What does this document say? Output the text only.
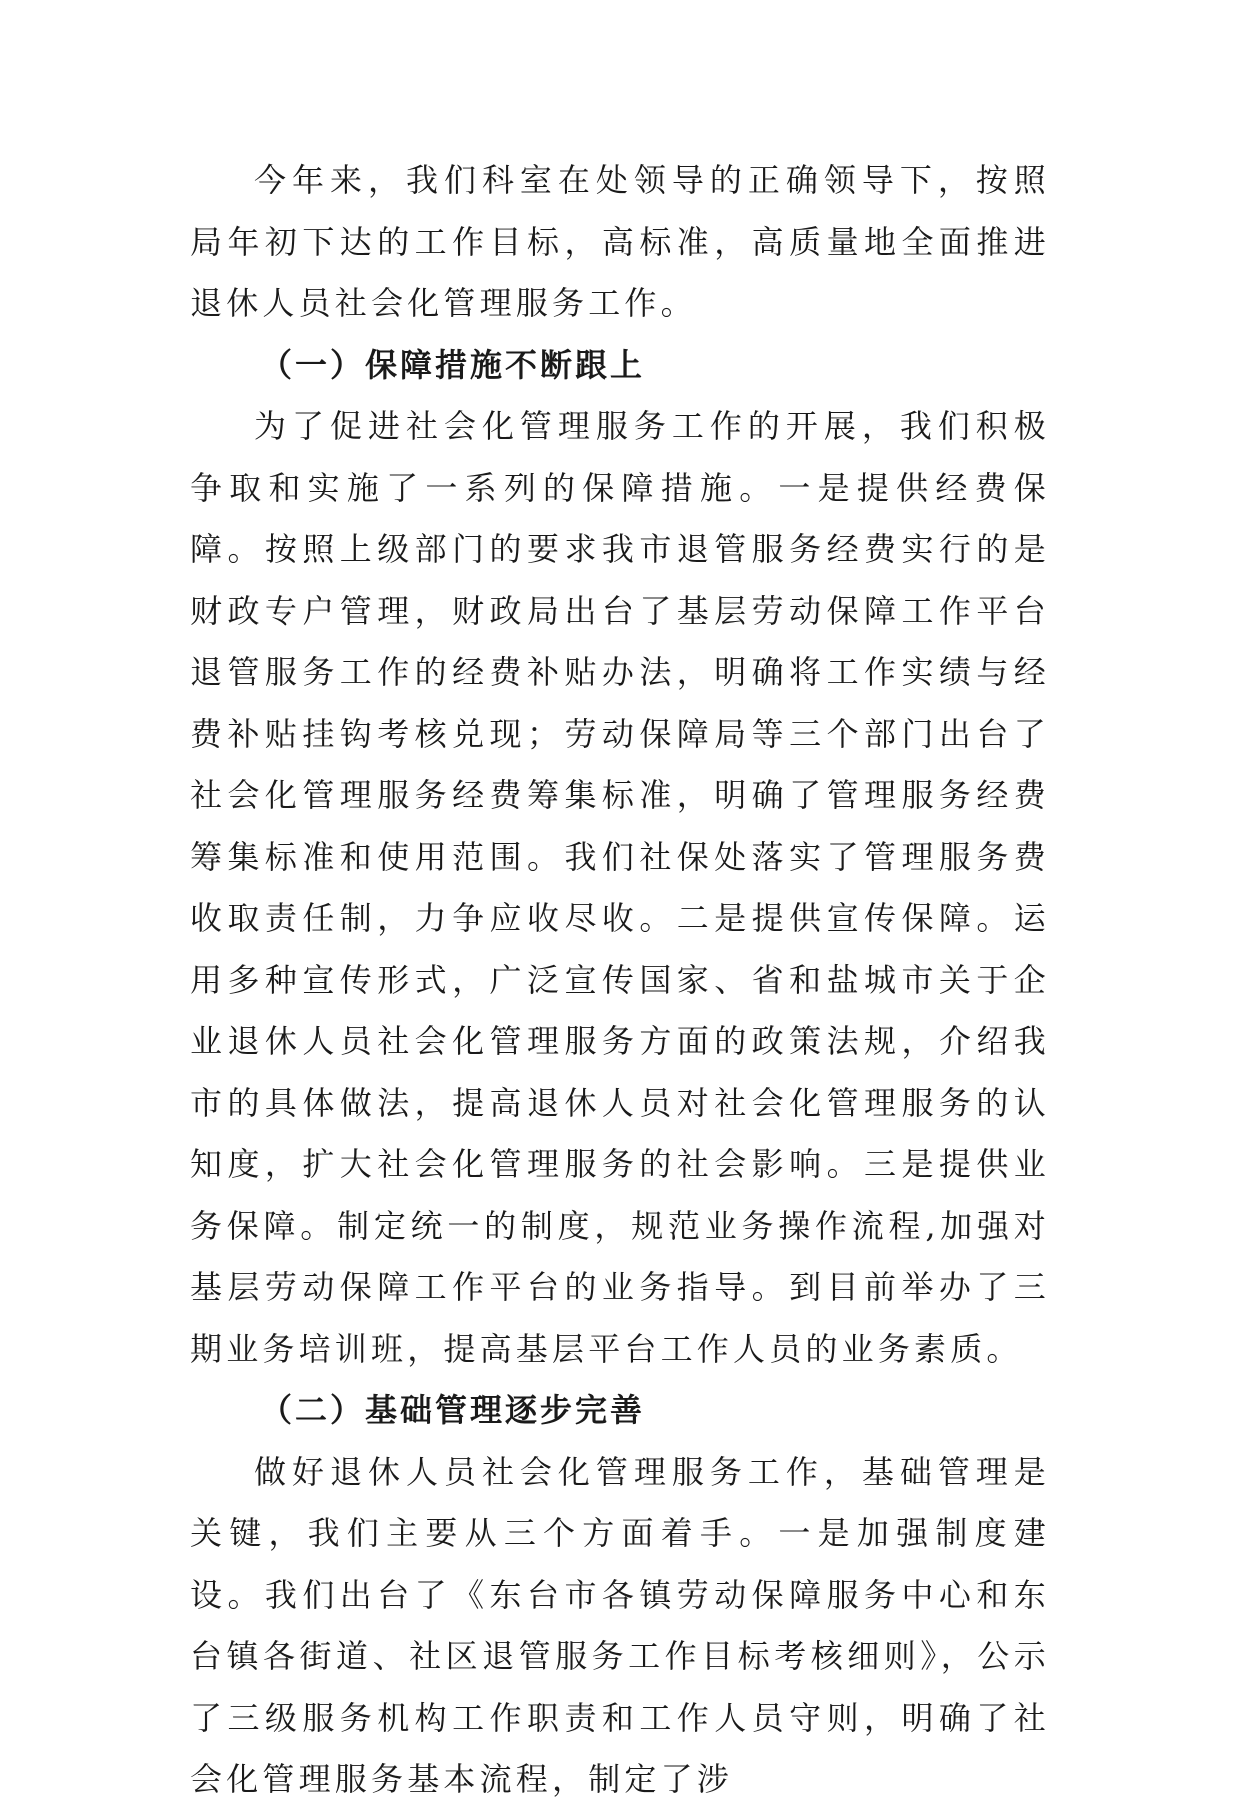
今年来，我们科室在处领导的正确领导下，按照局年初下达的工作目标，高标准，高质量地全面推进退休人员社会化管理服务工作。

（一）保障措施不断跟上

为了促进社会化管理服务工作的开展，我们积极争取和实施了一系列的保障措施。一是提供经费保障。按照上级部门的要求我市退管服务经费实行的是财政专户管理，财政局出台了基层劳动保障工作平台退管服务工作的经费补贴办法，明确将工作实绩与经费补贴挂钩考核兑现；劳动保障局等三个部门出台了社会化管理服务经费筹集标准，明确了管理服务经费筹集标准和使用范围。我们社保处落实了管理服务费收取责任制，力争应收尽收。二是提供宣传保障。运用多种宣传形式，广泛宣传国家、省和盐城市关于企业退休人员社会化管理服务方面的政策法规，介绍我市的具体做法，提高退休人员对社会化管理服务的认知度，扩大社会化管理服务的社会影响。三是提供业务保障。制定统一的制度，规范业务操作流程,加强对基层劳动保障工作平台的业务指导。到目前举办了三期业务培训班，提高基层平台工作人员的业务素质。

（二）基础管理逐步完善

做好退休人员社会化管理服务工作，基础管理是关键，我们主要从三个方面着手。一是加强制度建设。我们出台了《东台市各镇劳动保障服务中心和东台镇各街道、社区退管服务工作目标考核细则》，公示了三级服务机构工作职责和工作人员守则，明确了社会化管理服务基本流程，制定了涉
